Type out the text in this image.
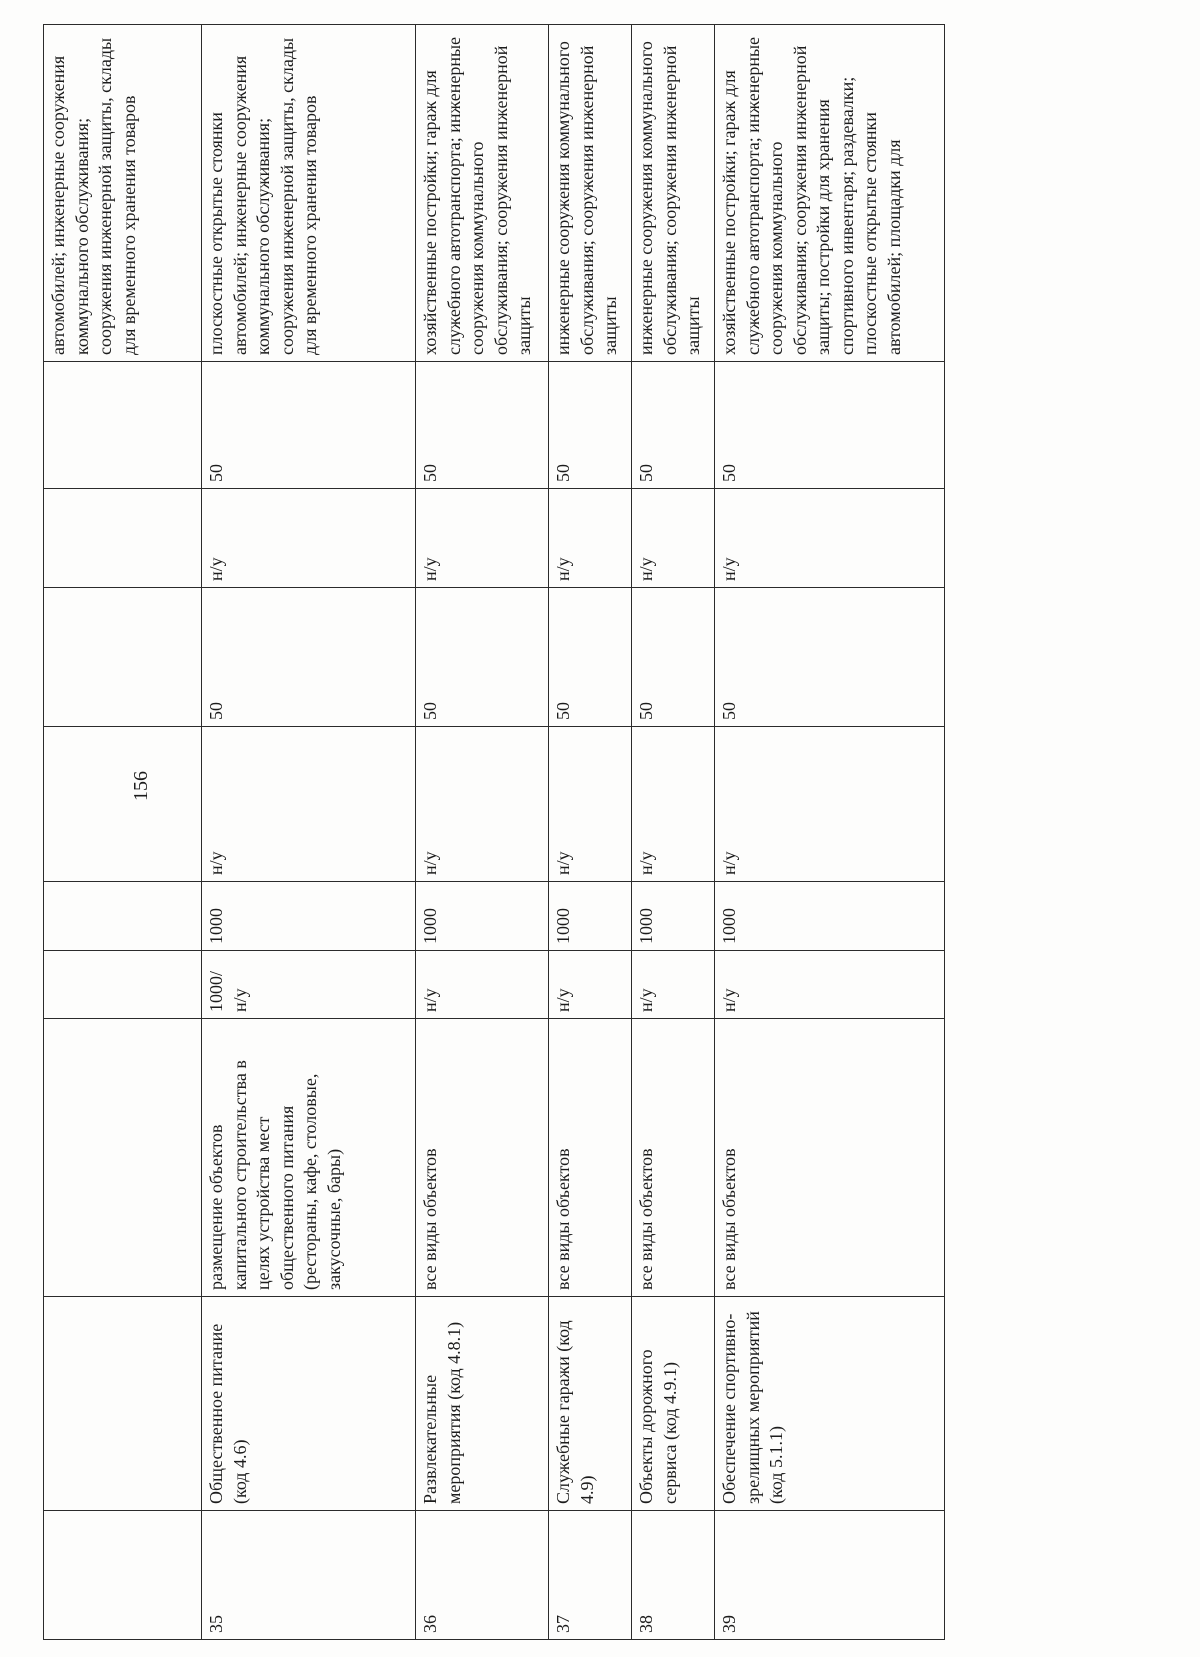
156
									автомобилей; инженерные сооружения коммунального обслуживания; сооружения инженерной защиты, склады для временного хранения товаров
35	Общественное питание (код 4.6)	размещение объектов капитального строительства в целях устройства мест общественного питания (рестораны, кафе, столовые, закусочные, бары)	1000/н/у	1000	н/у	50	н/у	50	плоскостные открытые стоянки автомобилей; инженерные сооружения коммунального обслуживания; сооружения инженерной защиты, склады для временного хранения товаров
36	Развлекательные мероприятия (код 4.8.1)	все виды объектов	н/у	1000	н/у	50	н/у	50	хозяйственные постройки; гараж для служебного автотранспорта; инженерные сооружения коммунального обслуживания; сооружения инженерной защиты
37	Служебные гаражи (код 4.9)	все виды объектов	н/у	1000	н/у	50	н/у	50	инженерные сооружения коммунального обслуживания; сооружения инженерной защиты
38	Объекты дорожного сервиса (код 4.9.1)	все виды объектов	н/у	1000	н/у	50	н/у	50	инженерные сооружения коммунального обслуживания; сооружения инженерной защиты
39	Обеспечение спортивно-зрелищных мероприятий (код 5.1.1)	все виды объектов	н/у	1000	н/у	50	н/у	50	хозяйственные постройки; гараж для служебного автотранспорта; инженерные сооружения коммунального обслуживания; сооружения инженерной защиты; постройки для хранения спортивного инвентаря; раздевалки; плоскостные открытые стоянки автомобилей; площадки для
